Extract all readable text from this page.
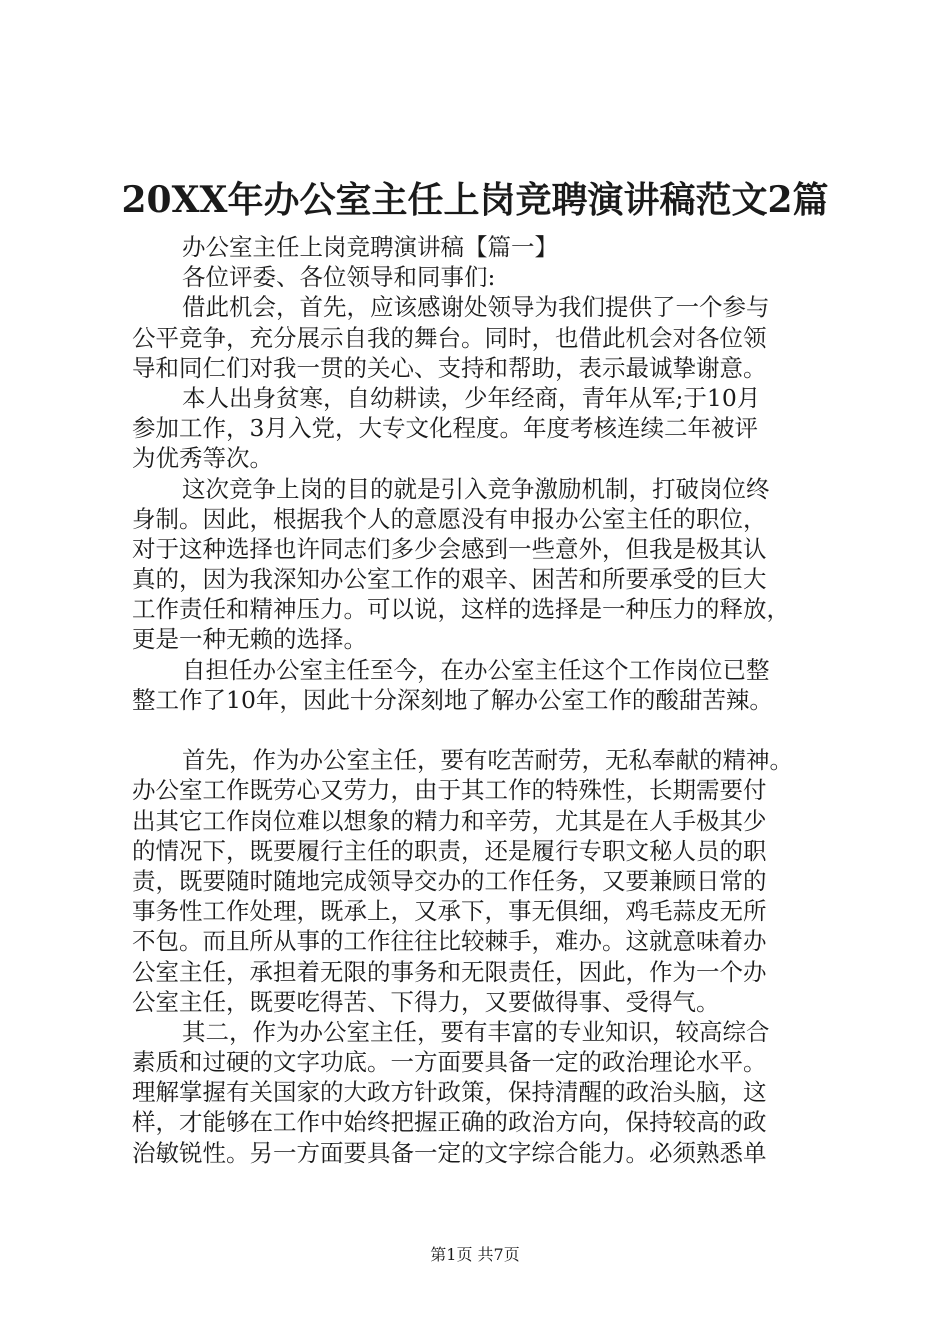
20XX年办公室主任上岗竞聘演讲稿范文2篇
办公室主任上岗竞聘演讲稿【篇一】
各位评委、各位领导和同事们:
借此机会，首先，应该感谢处领导为我们提供了一个参与
公平竞争，充分展示自我的舞台。同时，也借此机会对各位领
导和同仁们对我一贯的关心、支持和帮助，表示最诚挚谢意。
本人出身贫寒，自幼耕读，少年经商，青年从军;于10月
参加工作，3月入党，大专文化程度。年度考核连续二年被评
为优秀等次。
这次竞争上岗的目的就是引入竞争激励机制，打破岗位终
身制。因此，根据我个人的意愿没有申报办公室主任的职位，
对于这种选择也许同志们多少会感到一些意外，但我是极其认
真的，因为我深知办公室工作的艰辛、困苦和所要承受的巨大
工作责任和精神压力。可以说，这样的选择是一种压力的释放，
更是一种无赖的选择。
自担任办公室主任至今，在办公室主任这个工作岗位已整
整工作了10年，因此十分深刻地了解办公室工作的酸甜苦辣。
首先，作为办公室主任，要有吃苦耐劳，无私奉献的精神。
办公室工作既劳心又劳力，由于其工作的特殊性，长期需要付
出其它工作岗位难以想象的精力和辛劳，尤其是在人手极其少
的情况下，既要履行主任的职责，还是履行专职文秘人员的职
责，既要随时随地完成领导交办的工作任务，又要兼顾日常的
事务性工作处理，既承上，又承下，事无俱细，鸡毛蒜皮无所
不包。而且所从事的工作往往比较棘手，难办。这就意味着办
公室主任，承担着无限的事务和无限责任，因此，作为一个办
公室主任，既要吃得苦、下得力，又要做得事、受得气。
其二，作为办公室主任，要有丰富的专业知识，较高综合
素质和过硬的文字功底。一方面要具备一定的政治理论水平。
理解掌握有关国家的大政方针政策，保持清醒的政治头脑，这
样，才能够在工作中始终把握正确的政治方向，保持较高的政
治敏锐性。另一方面要具备一定的文字综合能力。必须熟悉单
第1页 共7页
